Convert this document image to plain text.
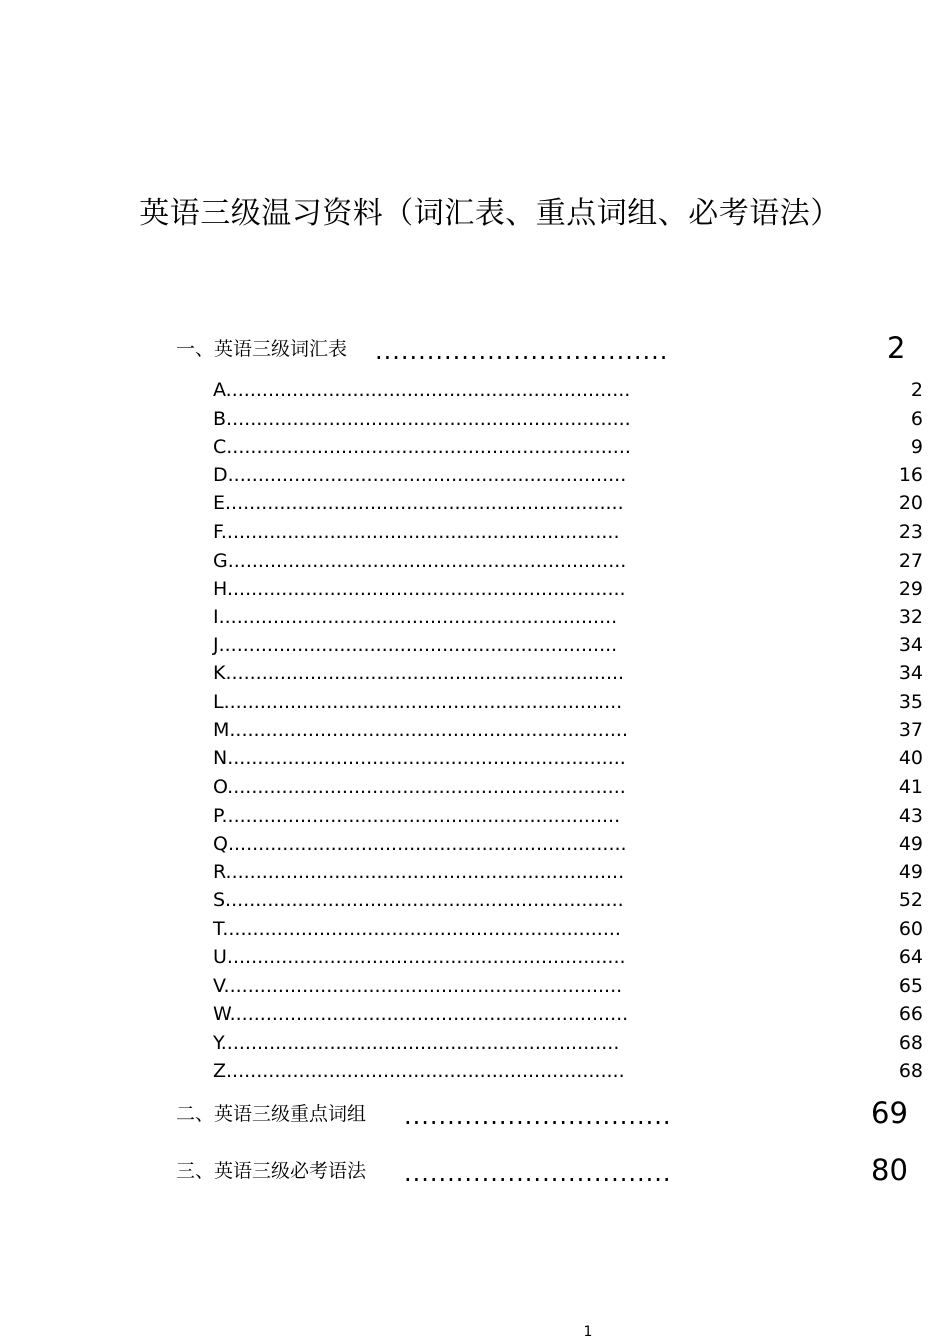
英语三级温习资料（词汇表、重点词组、必考语法）
一、英语三级词汇表 ..................................	2
A...................................................................	2
B...................................................................	6
C...................................................................	9
D..................................................................	16
E..................................................................	20
F..................................................................	23
G..................................................................	27
H..................................................................	29
I..................................................................	32
J..................................................................	34
K..................................................................	34
L..................................................................	35
M..................................................................	37
N..................................................................	40
O..................................................................	41
P..................................................................	43
Q..................................................................	49
R..................................................................	49
S..................................................................	52
T..................................................................	60
U..................................................................	64
V..................................................................	65
W..................................................................	66
Y..................................................................	68
Z..................................................................	68
二、英语三级重点词组 ...............................	69
三、英语三级必考语法 ...............................	80
1
